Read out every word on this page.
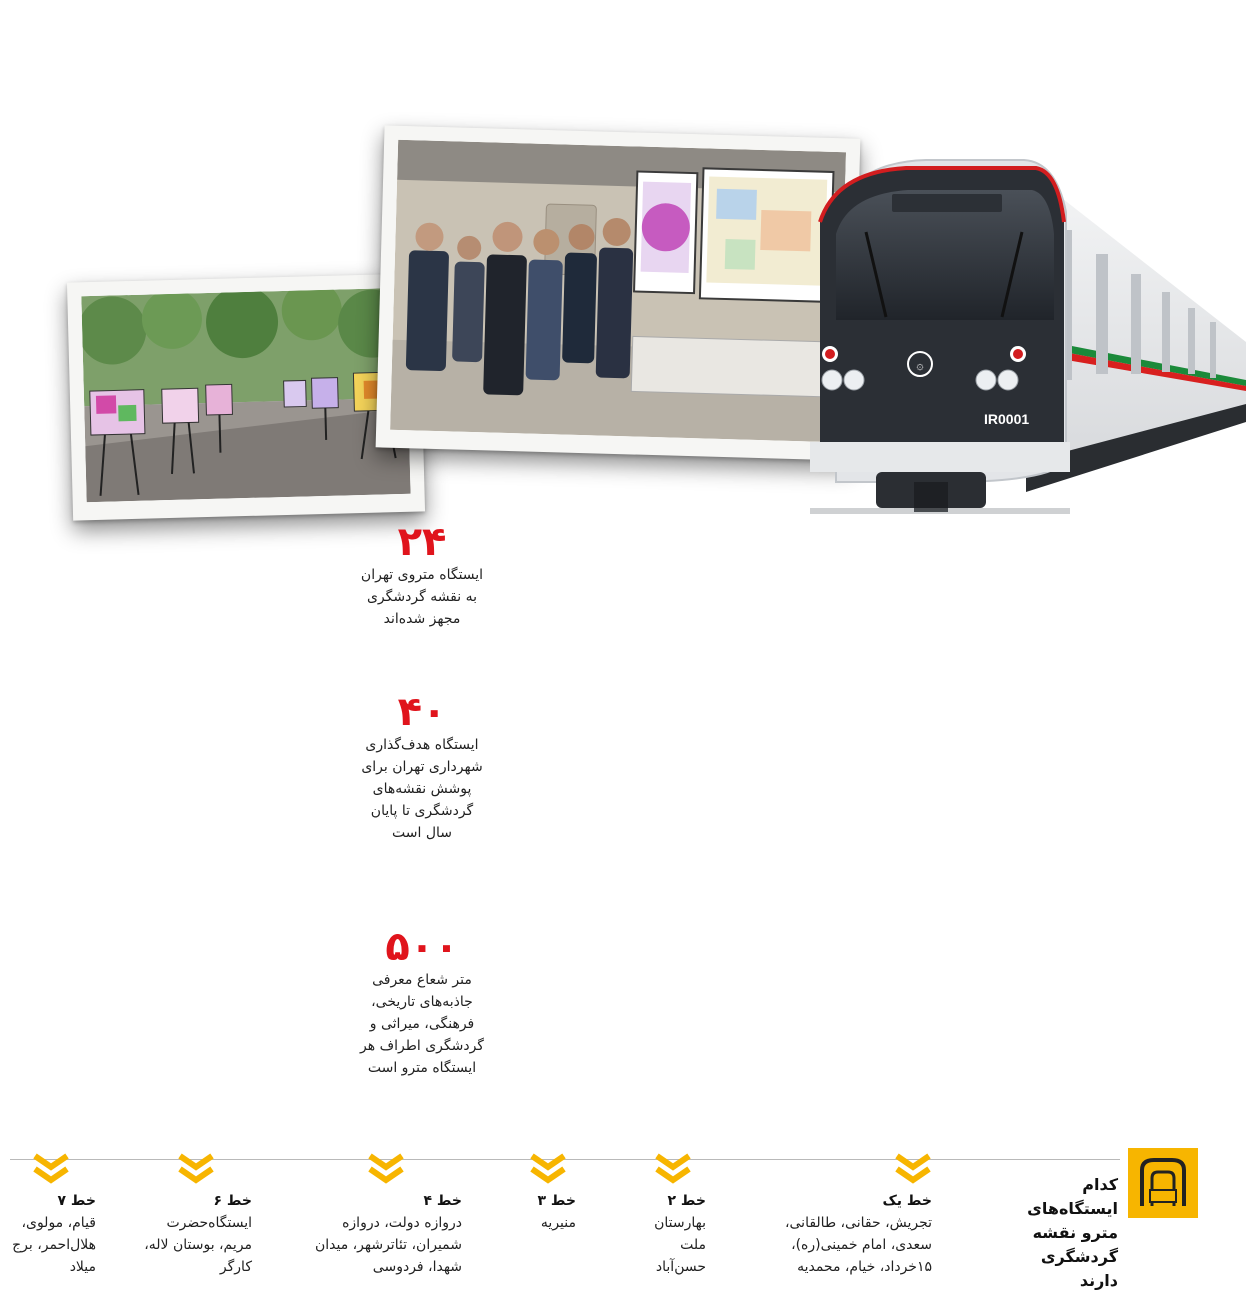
۞
IR0001
۲۴
ایستگاه متروی تهران به نقشه گردشگری مجهز شده‌اند
۴۰
ایستگاه هدف‌گذاری شهرداری تهران برای پوشش نقشه‌های گردشگری تا پایان سال است
۵۰۰
متر شعاع معرفی جاذبه‌های تاریخی، فرهنگی، میراثی و گردشگری اطراف هر ایستگاه مترو است
کدام ایستگاه‌های مترو نقشه گردشگری دارند
خط یک
تجریش، حقانی، طالقانی، سعدی، امام خمینی(ره)، ۱۵خرداد، خیام، محمدیه
خط ۲
بهارستان ملت حسن‌آباد
خط ۳
منیریه
خط ۴
دروازه دولت، دروازه شمیران، تئاترشهر، میدان شهدا، فردوسی
خط ۶
ایستگاه‌حضرت مریم، بوستان لاله، کارگر
خط ۷
قیام، مولوی، هلال‌احمر، برج میلاد
